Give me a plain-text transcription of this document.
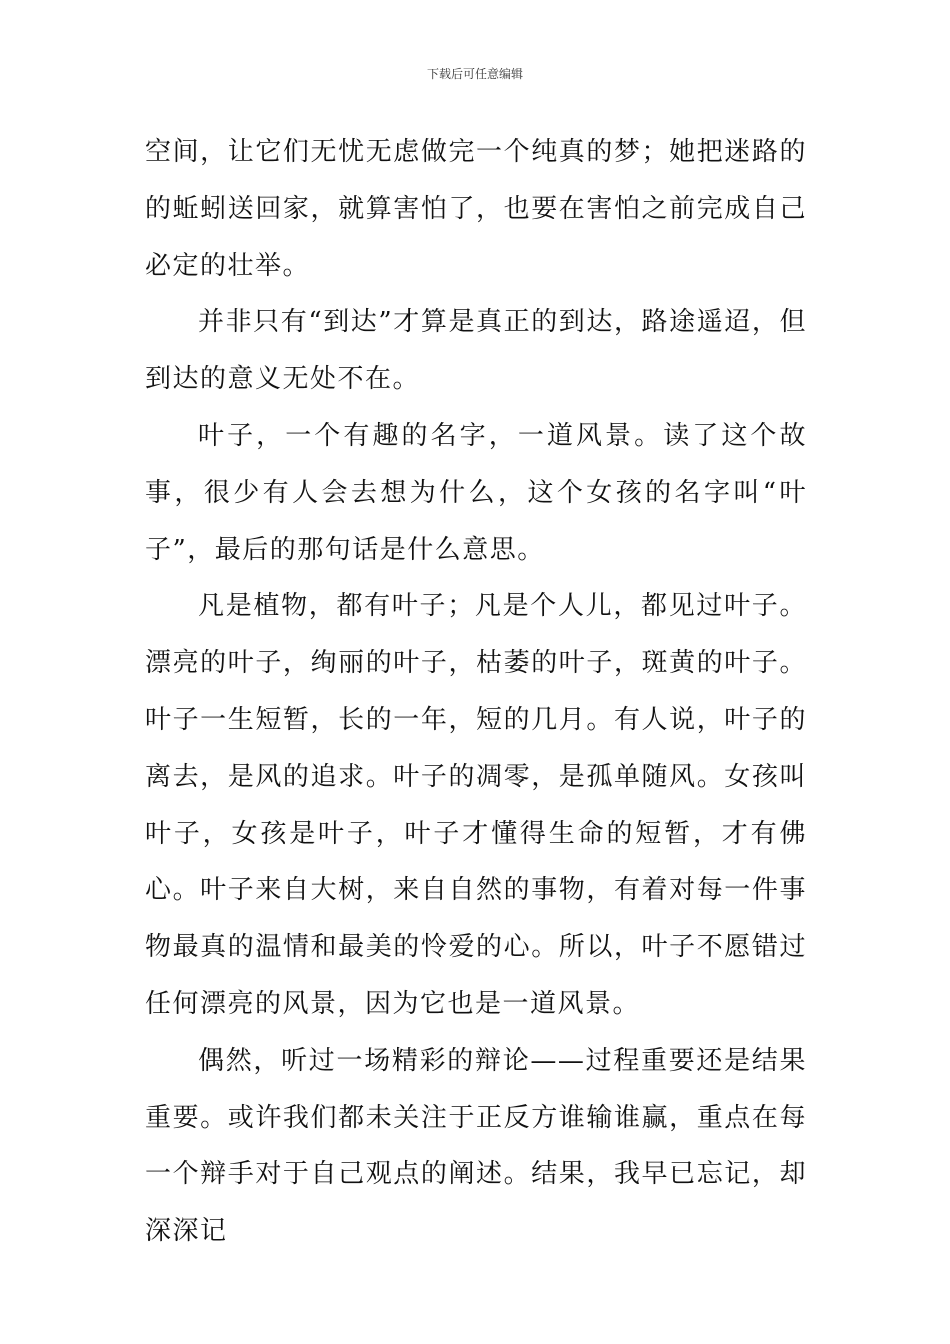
下载后可任意编辑

空间，让它们无忧无虑做完一个纯真的梦；她把迷路的的蚯蚓送回家，就算害怕了，也要在害怕之前完成自己必定的壮举。

并非只有“到达”才算是真正的到达，路途遥迢，但到达的意义无处不在。

叶子，一个有趣的名字，一道风景。读了这个故事，很少有人会去想为什么，这个女孩的名字叫“叶子”，最后的那句话是什么意思。

凡是植物，都有叶子；凡是个人儿，都见过叶子。漂亮的叶子，绚丽的叶子，枯萎的叶子，斑黄的叶子。叶子一生短暂，长的一年，短的几月。有人说，叶子的离去，是风的追求。叶子的凋零，是孤单随风。女孩叫叶子，女孩是叶子，叶子才懂得生命的短暂，才有佛心。叶子来自大树，来自自然的事物，有着对每一件事物最真的温情和最美的怜爱的心。所以，叶子不愿错过任何漂亮的风景，因为它也是一道风景。

偶然，听过一场精彩的辩论——过程重要还是结果重要。或许我们都未关注于正反方谁输谁赢，重点在每一个辩手对于自己观点的阐述。结果，我早已忘记，却深深记
